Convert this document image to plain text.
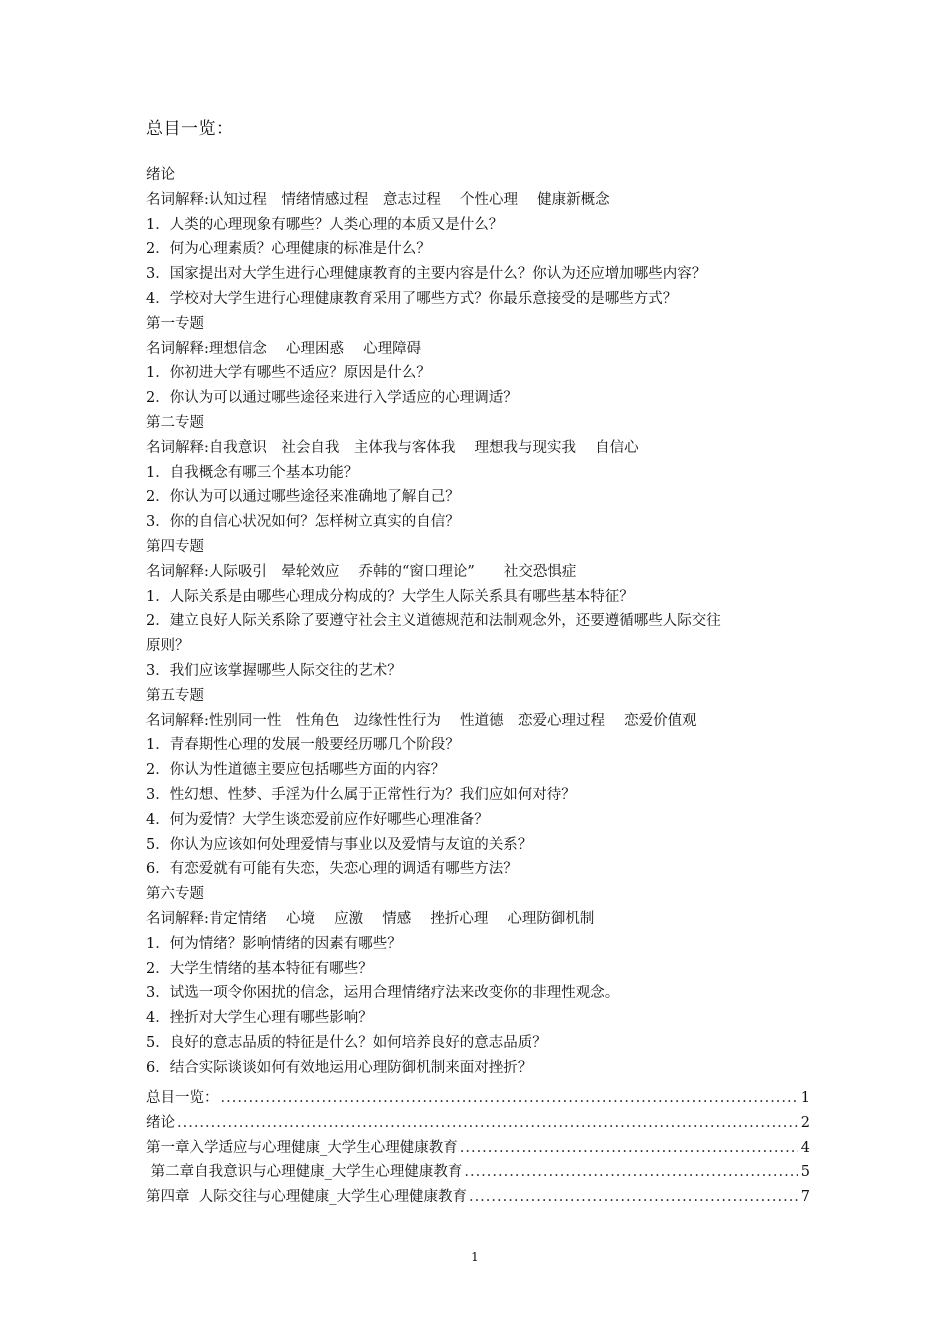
总目一览：
绪论
名词解释:认知过程　情绪情感过程　意志过程　 个性心理　 健康新概念
1．人类的心理现象有哪些？人类心理的本质又是什么？
2．何为心理素质？心理健康的标准是什么？
3．国家提出对大学生进行心理健康教育的主要内容是什么？你认为还应增加哪些内容？
4．学校对大学生进行心理健康教育采用了哪些方式？你最乐意接受的是哪些方式？
第一专题
名词解释:理想信念　 心理困惑　 心理障碍
1．你初进大学有哪些不适应？原因是什么？
2．你认为可以通过哪些途径来进行入学适应的心理调适？
第二专题
名词解释:自我意识　社会自我　主体我与客体我　 理想我与现实我　 自信心
1．自我概念有哪三个基本功能？
2．你认为可以通过哪些途径来准确地了解自己？
3．你的自信心状况如何？怎样树立真实的自信？
第四专题
名词解释:人际吸引　晕轮效应　 乔韩的“窗口理论”　　社交恐惧症
1．人际关系是由哪些心理成分构成的？大学生人际关系具有哪些基本特征？
2．建立良好人际关系除了要遵守社会主义道德规范和法制观念外，还要遵循哪些人际交往
原则？
3．我们应该掌握哪些人际交往的艺术？
第五专题
名词解释:性别同一性　性角色　边缘性性行为　 性道德　恋爱心理过程　 恋爱价值观
1．青春期性心理的发展一般要经历哪几个阶段？
2．你认为性道德主要应包括哪些方面的内容？
3．性幻想、性梦、手淫为什么属于正常性行为？我们应如何对待？
4．何为爱情？大学生谈恋爱前应作好哪些心理准备？
5．你认为应该如何处理爱情与事业以及爱情与友谊的关系？
6．有恋爱就有可能有失恋，失恋心理的调适有哪些方法？
第六专题
名词解释:肯定情绪　 心境　 应激　 情感　 挫折心理　 心理防御机制
1．何为情绪？影响情绪的因素有哪些？
2．大学生情绪的基本特征有哪些？
3．试选一项令你困扰的信念，运用合理情绪疗法来改变你的非理性观念。
4．挫折对大学生心理有哪些影响？
5．良好的意志品质的特征是什么？如何培养良好的意志品质？
6．结合实际谈谈如何有效地运用心理防御机制来面对挫折？
总目一览： .....	1
绪论 .....	2
第一章入学适应与心理健康_大学生心理健康教育 .....	4
第二章自我意识与心理健康_大学生心理健康教育 .....	5
第四章  人际交往与心理健康_大学生心理健康教育 .....	7
1
